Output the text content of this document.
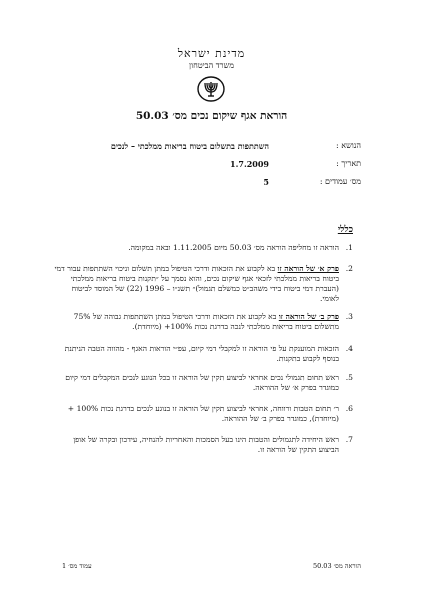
מדינת ישראל
משרד הביטחון
הוראת אגף שיקום נכים מס׳ 50.03
הנושא :
השתתפות בתשלום ביטוח בריאות ממלכתי – לנכים
תאריך :
1.7.2009
מס׳ עמודים :
5
כללי
1.
הוראה זו מחליפה הוראה מס׳ 50.03 מיום 1.11.2005 ובאה במקומה.
2.
פרק א׳ של הוראה זו בא לקבוע את הזכאות ודרכי הטיפול במתן תשלום וניכוי השתתפות עבור דמי ביטוח בריאות ממלכתי לזכאי אגף שיקום נכים, והוא נסמך על ״תקנות ביטוח בריאות ממלכתי (העברת דמי ביטוח בידי משהב״ט כמשלם תגמול)״ תשנ״ו – 1996 (22) של המוסד לביטוח לאומי.
3.
פרק ב׳ של הוראה זו בא לקבוע את הזכאות ודרכי הטיפול במתן השתתפות גבוהה של 75% מתשלום ביטוח בריאות ממלכתי לנכה בדרגת נכות 100%+ (מיוחדת).
4.
הזכאות המוענקת על פי הוראה זו למקבלי דמי קיום, עפ״י הוראות האגף - מהווה הטבה הניתנת בנוסף לקבוע בתקנות.
5.
ראש תחום תגמולי נכים אחראי לביצוע תקין של הוראה זו בכל הנוגע לנכים המקבלים דמי קיום כמוגדר בפרק א׳ של ההוראה.
6.
ר׳ תחום הטבות ורווחה, אחראי לביצוע תקין של הוראה זו בנוגע לנכים בדרגת נכות 100% +(מיוחדת), כמוגדר בפרק ב׳ של ההוראה.
7.
ראש היחידה לתגמולים והטבות הינו בעל הסמכות והאחריות להנחיה, עידכון ובקרה של אופן הביצוע התקין של הוראה זו.
הוראה מס׳ 50.03
עמוד מס׳ 1
